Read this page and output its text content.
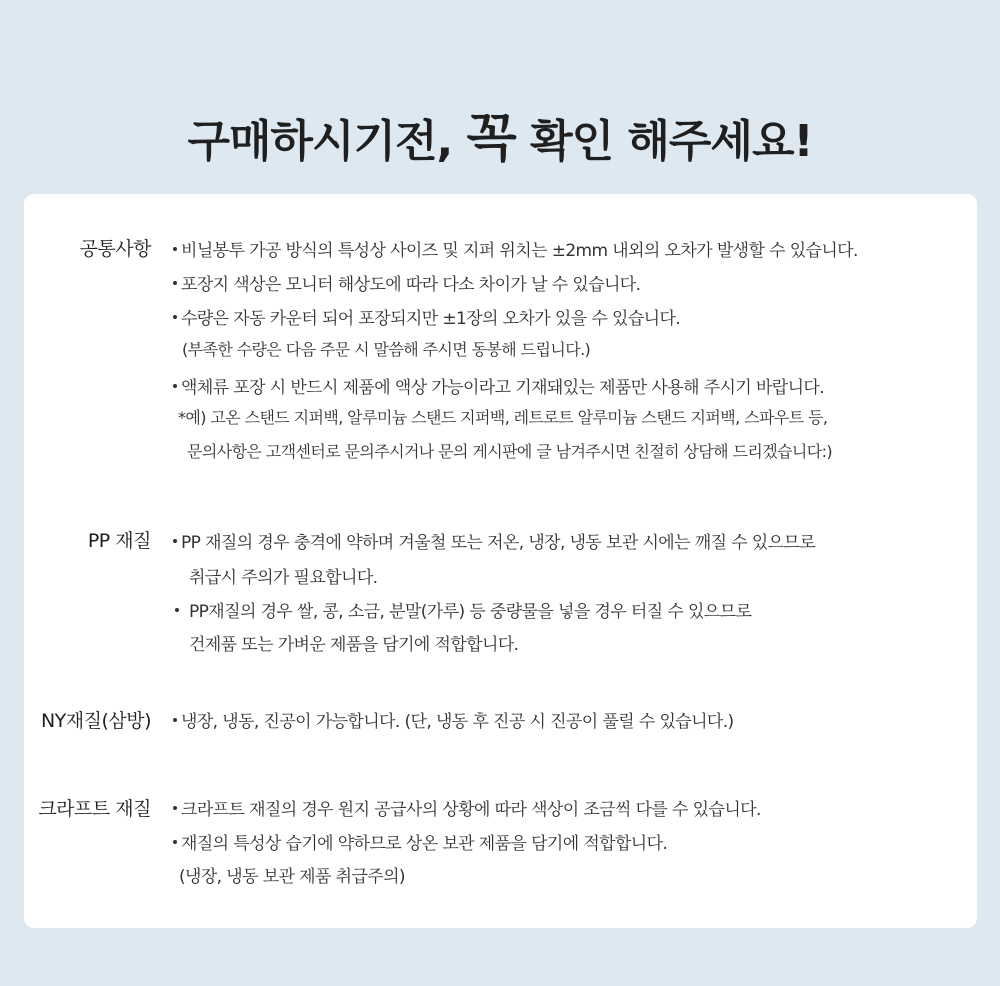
구매하시기전, 꼭 확인 해주세요!
공통사항	비닐봉투 가공 방식의 특성상 사이즈 및 지퍼 위치는 ±2mm 내외의 오차가 발생할 수 있습니다.
포장지 색상은 모니터 해상도에 따라 다소 차이가 날 수 있습니다.
수량은 자동 카운터 되어 포장되지만 ±1장의 오차가 있을 수 있습니다.
(부족한 수량은 다음 주문 시 말씀해 주시면 동봉해 드립니다.)
액체류 포장 시 반드시 제품에 액상 가능이라고 기재돼있는 제품만 사용해 주시기 바랍니다.
*예) 고온 스탠드 지퍼백, 알루미늄 스탠드 지퍼백, 레트로트 알루미늄 스탠드 지퍼백, 스파우트 등,
문의사항은 고객센터로 문의주시거나 문의 게시판에 글 남겨주시면 친절히 상담해 드리겠습니다:)
PP 재질	PP 재질의 경우 충격에 약하며 겨울철 또는 저온, 냉장, 냉동 보관 시에는 깨질 수 있으므로
취급시 주의가 필요합니다.
PP재질의 경우 쌀, 콩, 소금, 분말(가루) 등 중량물을 넣을 경우 터질 수 있으므로
건제품 또는 가벼운 제품을 담기에 적합합니다.
NY재질(삼방)	냉장, 냉동, 진공이 가능합니다. (단, 냉동 후 진공 시 진공이 풀릴 수 있습니다.)
크라프트 재질	크라프트 재질의 경우 원지 공급사의 상황에 따라 색상이 조금씩 다를 수 있습니다.
재질의 특성상 습기에 약하므로 상온 보관 제품을 담기에 적합합니다.
(냉장, 냉동 보관 제품 취급주의)
